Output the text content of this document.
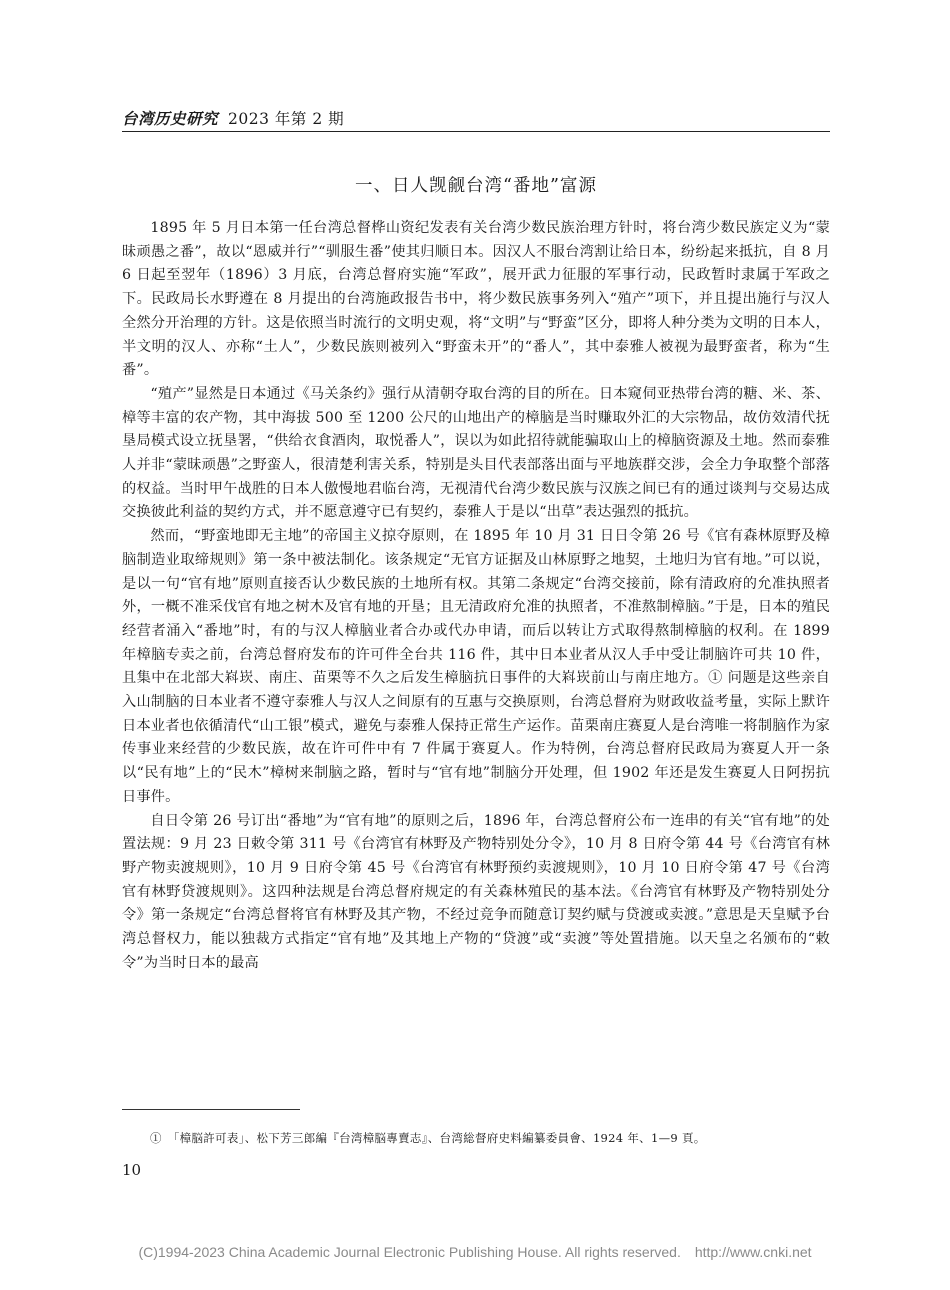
台湾历史研究 2023 年第 2 期
一、日人觊觎台湾“番地”富源

1895 年 5 月日本第一任台湾总督桦山资纪发表有关台湾少数民族治理方针时，将台湾少数民族定义为“蒙昧顽愚之番”，故以“恩威并行”“驯服生番”使其归顺日本。因汉人不服台湾割让给日本，纷纷起来抵抗，自 8 月 6 日起至翌年（1896）3 月底，台湾总督府实施“军政”，展开武力征服的军事行动，民政暂时隶属于军政之下。民政局长水野遵在 8 月提出的台湾施政报告书中，将少数民族事务列入“殖产”项下，并且提出施行与汉人全然分开治理的方针。这是依照当时流行的文明史观，将“文明”与“野蛮”区分，即将人种分类为文明的日本人，半文明的汉人、亦称“土人”，少数民族则被列入“野蛮未开”的“番人”，其中泰雅人被视为最野蛮者，称为“生番”。

“殖产”显然是日本通过《马关条约》强行从清朝夺取台湾的目的所在。日本窥伺亚热带台湾的糖、米、茶、樟等丰富的农产物，其中海拔 500 至 1200 公尺的山地出产的樟脑是当时赚取外汇的大宗物品，故仿效清代抚垦局模式设立抚垦署，“供给衣食酒肉，取悦番人”，误以为如此招待就能骗取山上的樟脑资源及土地。然而泰雅人并非“蒙昧顽愚”之野蛮人，很清楚利害关系，特别是头目代表部落出面与平地族群交涉，会全力争取整个部落的权益。当时甲午战胜的日本人傲慢地君临台湾，无视清代台湾少数民族与汉族之间已有的通过谈判与交易达成交换彼此利益的契约方式，并不愿意遵守已有契约，泰雅人于是以“出草”表达强烈的抵抗。

然而，“野蛮地即无主地”的帝国主义掠夺原则，在 1895 年 10 月 31 日日令第 26 号《官有森林原野及樟脑制造业取缔规则》第一条中被法制化。该条规定“无官方证据及山林原野之地契，土地归为官有地。”可以说，是以一句“官有地”原则直接否认少数民族的土地所有权。其第二条规定“台湾交接前，除有清政府的允准执照者外，一概不准采伐官有地之树木及官有地的开垦；且无清政府允准的执照者，不准熬制樟脑。”于是，日本的殖民经营者涌入“番地”时，有的与汉人樟脑业者合办或代办申请，而后以转让方式取得熬制樟脑的权利。在 1899 年樟脑专卖之前，台湾总督府发布的许可件全台共 116 件，其中日本业者从汉人手中受让制脑许可共 10 件，且集中在北部大嵙崁、南庄、苗栗等不久之后发生樟脑抗日事件的大嵙崁前山与南庄地方。① 问题是这些亲自入山制脑的日本业者不遵守泰雅人与汉人之间原有的互惠与交换原则，台湾总督府为财政收益考量，实际上默许日本业者也依循清代“山工银”模式，避免与泰雅人保持正常生产运作。苗栗南庄赛夏人是台湾唯一将制脑作为家传事业来经营的少数民族，故在许可件中有 7 件属于赛夏人。作为特例，台湾总督府民政局为赛夏人开一条以“民有地”上的“民木”樟树来制脑之路，暂时与“官有地”制脑分开处理，但 1902 年还是发生赛夏人日阿拐抗日事件。

自日令第 26 号订出“番地”为“官有地”的原则之后，1896 年，台湾总督府公布一连串的有关“官有地”的处置法规：9 月 23 日敕令第 311 号《台湾官有林野及产物特别处分令》，10 月 8 日府令第 44 号《台湾官有林野产物卖渡规则》，10 月 9 日府令第 45 号《台湾官有林野预约卖渡规则》，10 月 10 日府令第 47 号《台湾官有林野贷渡规则》。这四种法规是台湾总督府规定的有关森林殖民的基本法。《台湾官有林野及产物特别处分令》第一条规定“台湾总督将官有林野及其产物，不经过竞争而随意订契约赋与贷渡或卖渡。”意思是天皇赋予台湾总督权力，能以独裁方式指定“官有地”及其地上产物的“贷渡”或“卖渡”等处置措施。以天皇之名颁布的“敕令”为当时日本的最高

①　「樟脳許可表」、松下芳三郎編『台湾樟脳專賣志』、台湾総督府史料編纂委員會、1924 年、1—9 頁。
10
(C)1994-2023 China Academic Journal Electronic Publishing House. All rights reserved. http://www.cnki.net
